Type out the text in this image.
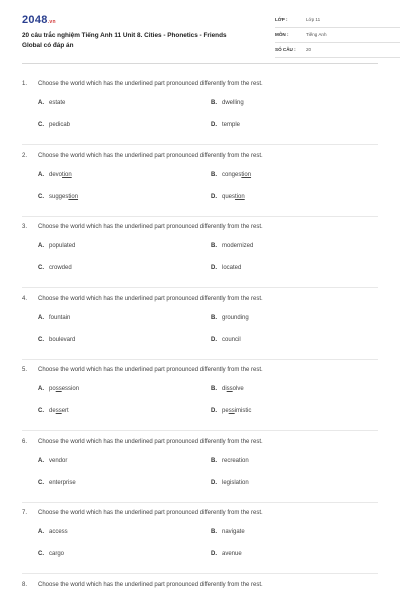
2048.vn
20 câu trắc nghiệm Tiếng Anh 11 Unit 8. Cities - Phonetics - Friends Global có đáp án
LỚP :	Lớp 11
MÔN :	Tiếng Anh
SỐ CÂU : 20
1. Choose the world which has the underlined part pronounced differently from the rest.
A. estate	B. dwelling
C. pedicab	D. temple
2. Choose the world which has the underlined part pronounced differently from the rest.
A. devotion	B. congestion
C. suggestion	D. question
3. Choose the world which has the underlined part pronounced differently from the rest.
A. populated	B. modernized
C. crowded	D. located
4. Choose the world which has the underlined part pronounced differently from the rest.
A. fountain	B. grounding
C. boulevard	D. council
5. Choose the world which has the underlined part pronounced differently from the rest.
A. possession	B. dissolve
C. dessert	D. pessimistic
6. Choose the world which has the underlined part pronounced differently from the rest.
A. vendor	B. recreation
C. enterprise	D. legislation
7. Choose the world which has the underlined part pronounced differently from the rest.
A. access	B. navigate
C. cargo	D. avenue
8. Choose the world which has the underlined part pronounced differently from the rest.
